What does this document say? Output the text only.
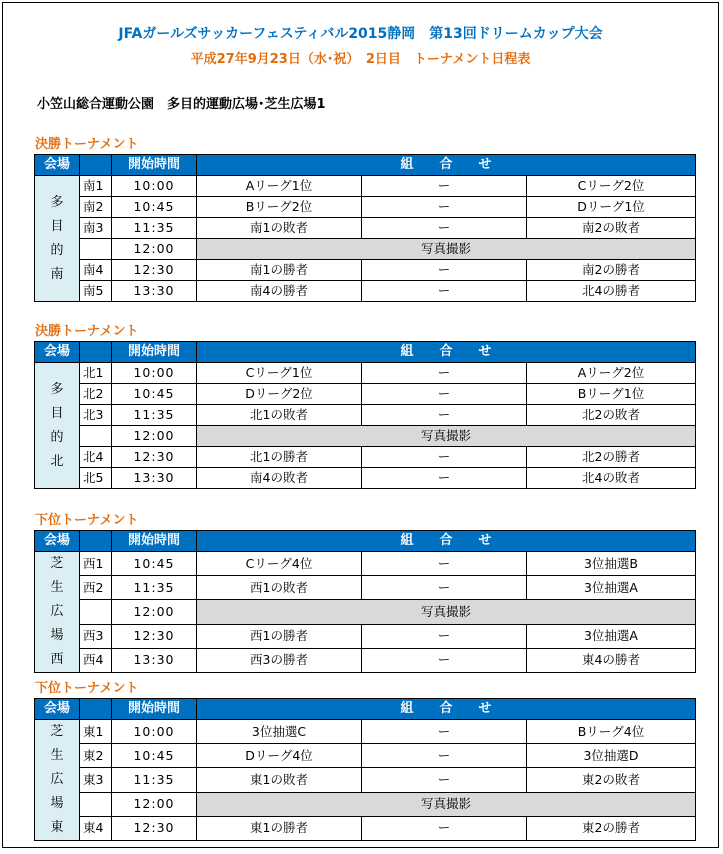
JFAガールズサッカーフェスティバル2015静岡　第13回ドリームカップ大会
平成27年9月23日（水･祝）　2日目　トーナメント日程表
小笠山総合運動公園　多目的運動広場･芝生広場1
決勝トーナメント
会場		開始時間	組　　合　　せ		

多
目
的
南	南1	10:00	Aリーグ1位	ー	Cリーグ2位
	南2	10:45	Bリーグ2位	ー	Dリーグ1位
	南3	11:35	南1の敗者	ー	南2の敗者
		12:00	写真撮影		
	南4	12:30	南1の勝者	ー	南2の勝者
	南5	13:30	南4の勝者	ー	北4の勝者
決勝トーナメント
会場		開始時間	組　　合　　せ		

多
目
的
北	北1	10:00	Cリーグ1位	ー	Aリーグ2位
	北2	10:45	Dリーグ2位	ー	Bリーグ1位
	北3	11:35	北1の敗者	ー	北2の敗者
		12:00	写真撮影		
	北4	12:30	北1の勝者	ー	北2の勝者
	北5	13:30	南4の敗者	ー	北4の敗者
下位トーナメント
会場		開始時間	組　　合　　せ		

芝
生
広
場
西	西1	10:45	Cリーグ4位	ー	3位抽選B
	西2	11:35	西1の敗者	ー	3位抽選A
		12:00	写真撮影		
	西3	12:30	西1の勝者	ー	3位抽選A
	西4	13:30	西3の勝者	ー	東4の勝者
下位トーナメント
会場		開始時間	組　　合　　せ		

芝
生
広
場
東	東1	10:00	3位抽選C	ー	Bリーグ4位
	東2	10:45	Dリーグ4位	ー	3位抽選D
	東3	11:35	東1の敗者	ー	東2の敗者
		12:00	写真撮影		
	東4	12:30	東1の勝者	ー	東2の勝者
